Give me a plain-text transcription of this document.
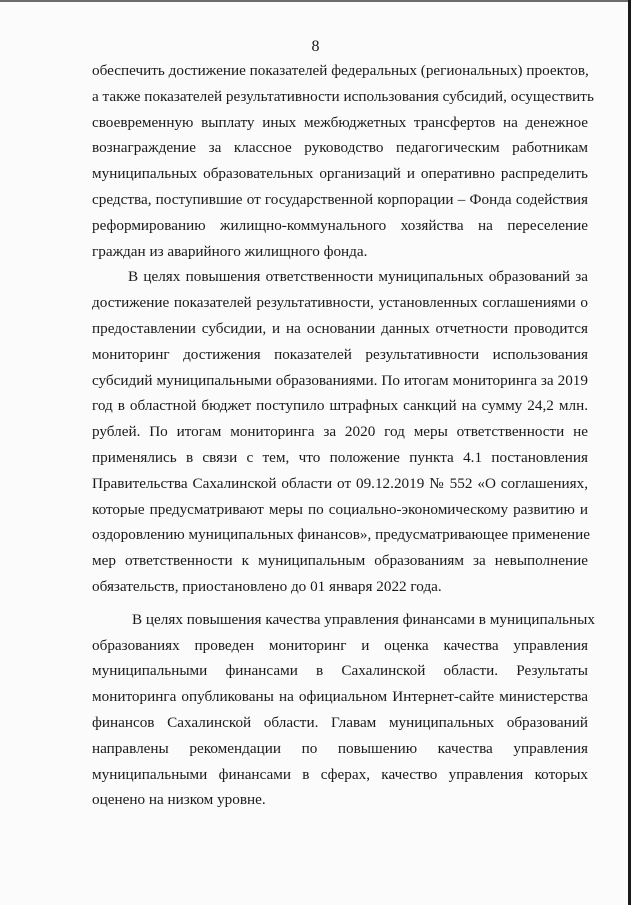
8
обеспечить достижение показателей федеральных (региональных) проектов,
а также показателей результативности использования субсидий, осуществить
своевременную выплату иных межбюджетных трансфертов на денежное
вознаграждение за классное руководство педагогическим работникам
муниципальных образовательных организаций и оперативно распределить
средства, поступившие от государственной корпорации – Фонда содействия
реформированию жилищно-коммунального хозяйства на переселение
граждан из аварийного жилищного фонда.
В целях повышения ответственности муниципальных образований за
достижение показателей результативности, установленных соглашениями о
предоставлении субсидии, и на основании данных отчетности проводится
мониторинг достижения показателей результативности использования
субсидий муниципальными образованиями. По итогам мониторинга за 2019
год в областной бюджет поступило штрафных санкций на сумму 24,2 млн.
рублей. По итогам мониторинга за 2020 год меры ответственности не
применялись в связи с тем, что положение пункта 4.1 постановления
Правительства Сахалинской области от 09.12.2019 № 552 «О соглашениях,
которые предусматривают меры по социально-экономическому развитию и
оздоровлению муниципальных финансов», предусматривающее применение
мер ответственности к муниципальным образованиям за невыполнение
обязательств, приостановлено до 01 января 2022 года.
В целях повышения качества управления финансами в муниципальных
образованиях проведен мониторинг и оценка качества управления
муниципальными финансами в Сахалинской области. Результаты
мониторинга опубликованы на официальном Интернет-сайте министерства
финансов Сахалинской области. Главам муниципальных образований
направлены рекомендации по повышению качества управления
муниципальными финансами в сферах, качество управления которых
оценено на низком уровне.
